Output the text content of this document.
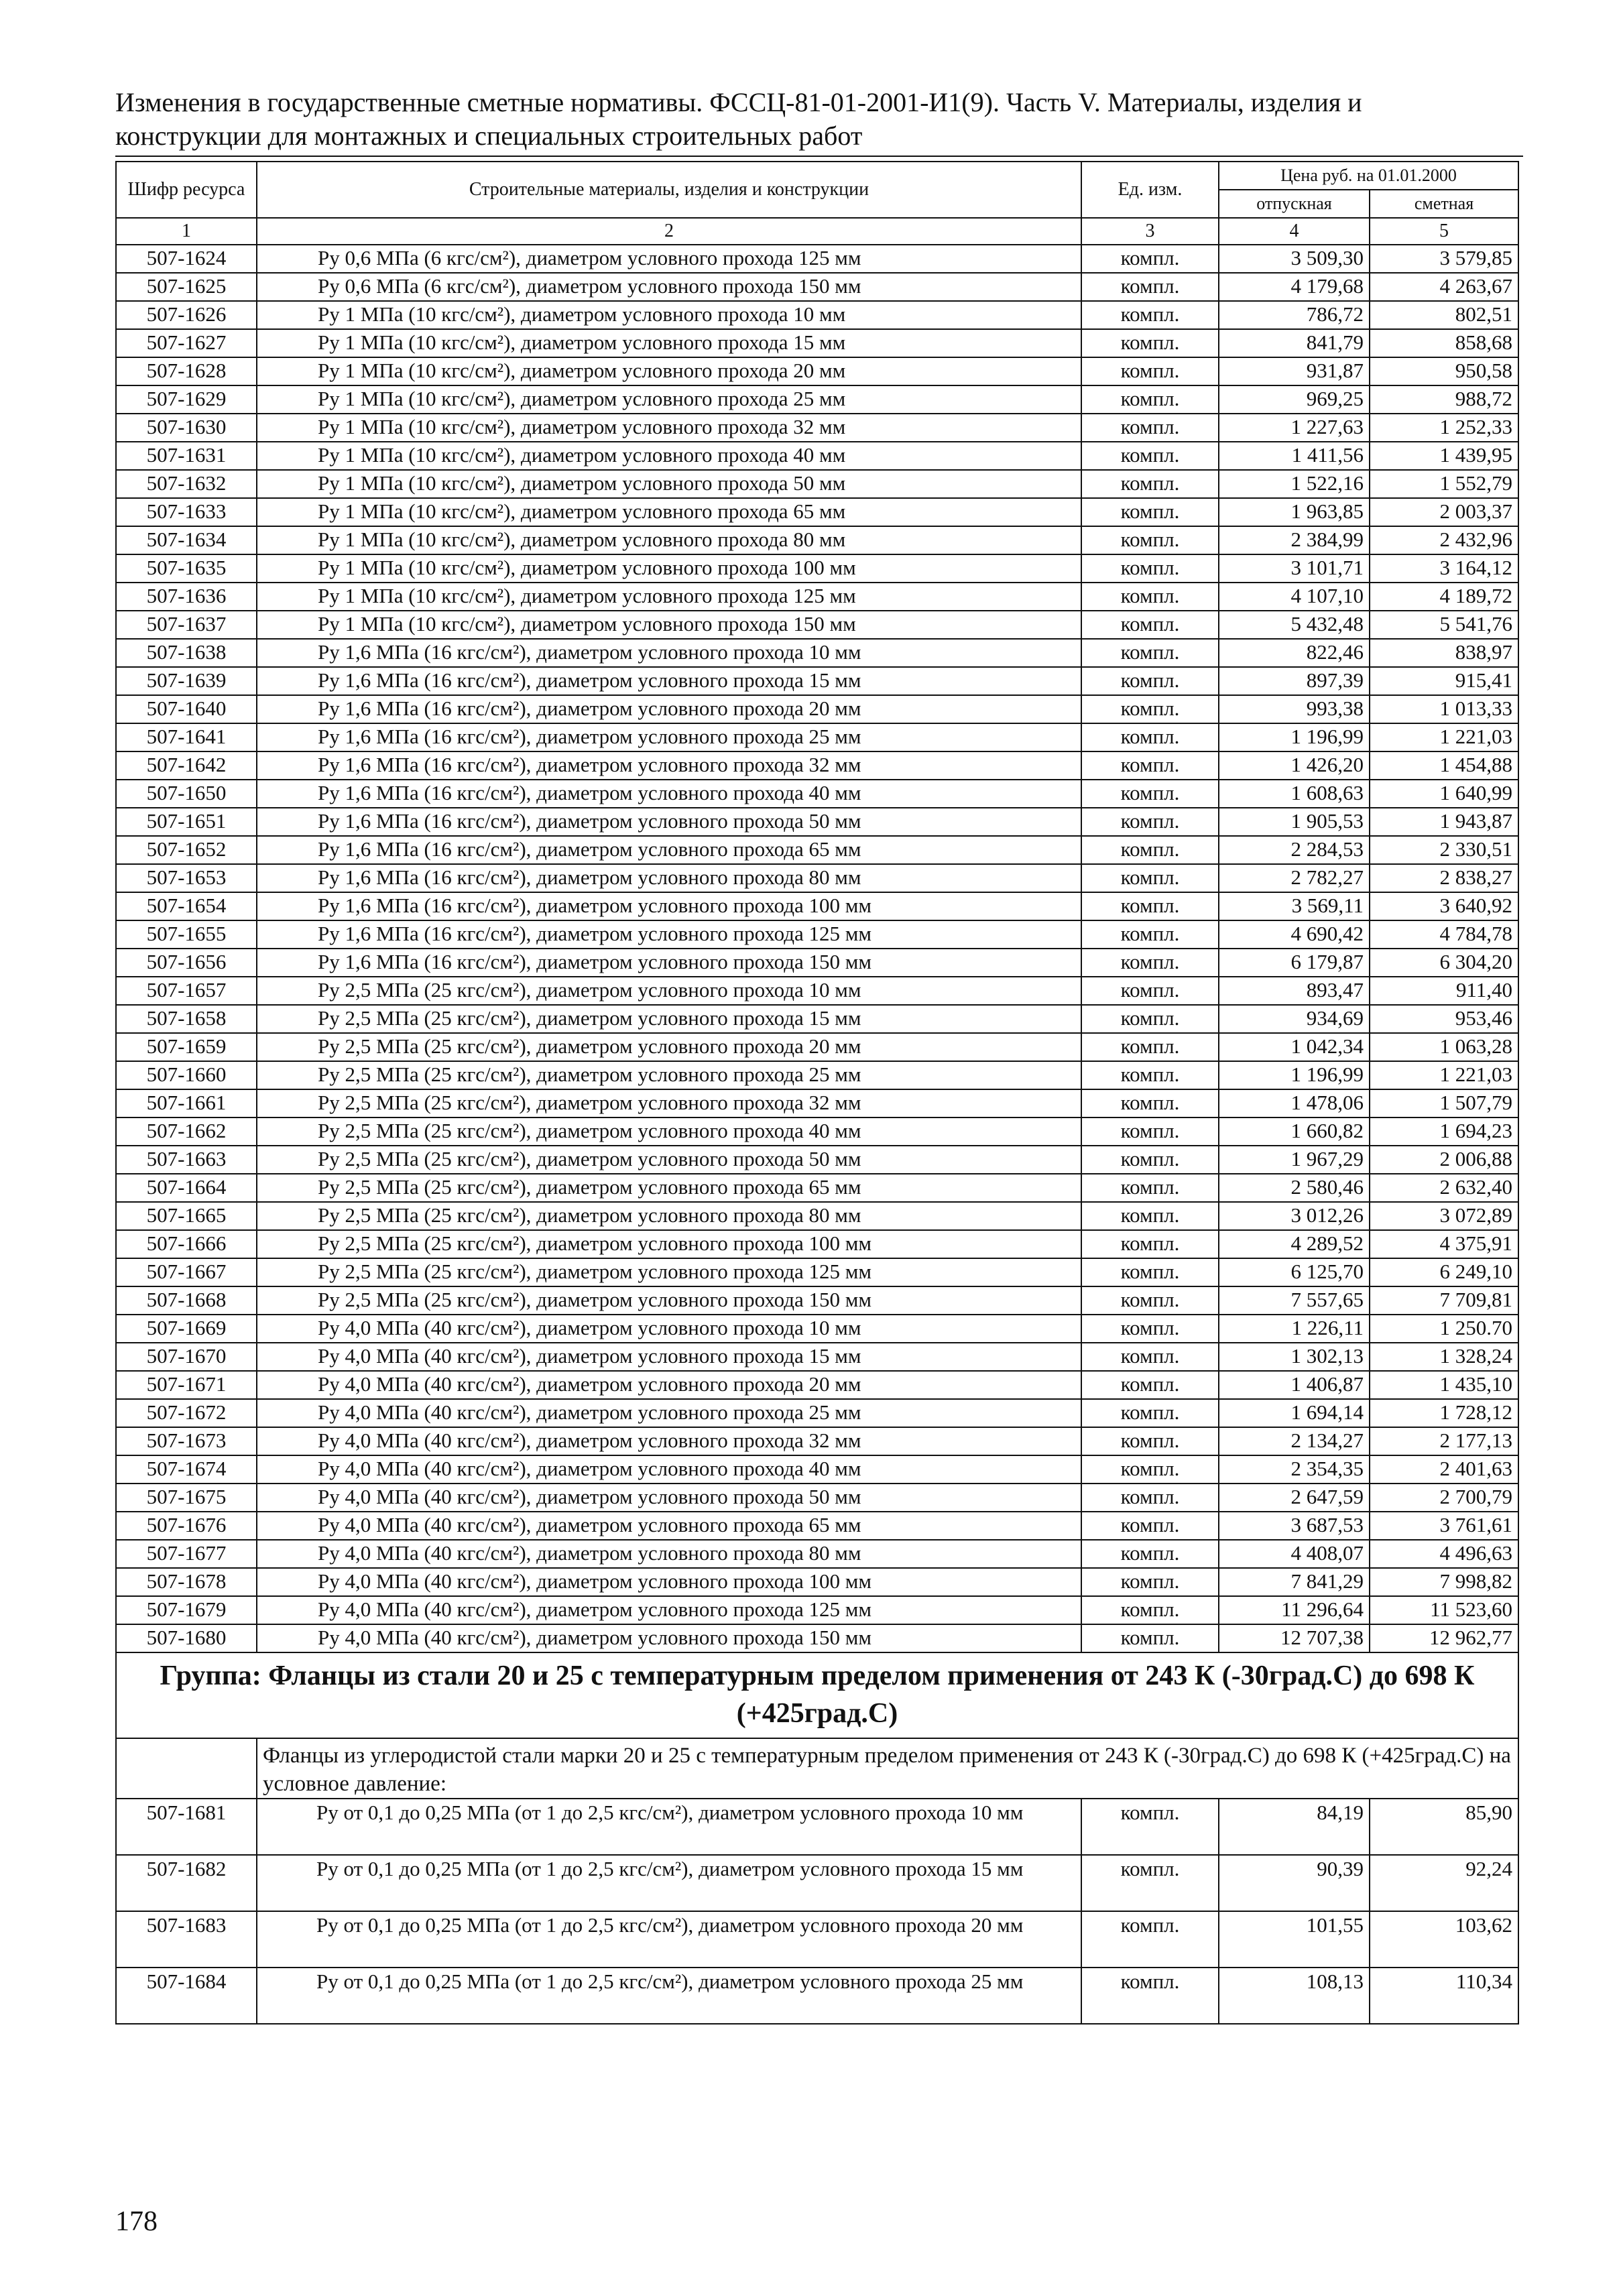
Изменения в государственные сметные нормативы. ФССЦ-81-01-2001-И1(9). Часть V. Материалы, изделия и
конструкции для монтажных и специальных строительных работ
Шифр ресурса	Строительные материалы, изделия и конструкции	Ед. изм.	Цена руб. на 01.01.2000	
			отпускная	сметная
1	2	3	4	5
507-1624	Ру 0,6 МПа (6 кгс/см²), диаметром условного прохода 125 мм	компл.	3 509,30	3 579,85
507-1625	Ру 0,6 МПа (6 кгс/см²), диаметром условного прохода 150 мм	компл.	4 179,68	4 263,67
507-1626	Ру 1 МПа (10 кгс/см²), диаметром условного прохода 10 мм	компл.	786,72	802,51
507-1627	Ру 1 МПа (10 кгс/см²), диаметром условного прохода 15 мм	компл.	841,79	858,68
507-1628	Ру 1 МПа (10 кгс/см²), диаметром условного прохода 20 мм	компл.	931,87	950,58
507-1629	Ру 1 МПа (10 кгс/см²), диаметром условного прохода 25 мм	компл.	969,25	988,72
507-1630	Ру 1 МПа (10 кгс/см²), диаметром условного прохода 32 мм	компл.	1 227,63	1 252,33
507-1631	Ру 1 МПа (10 кгс/см²), диаметром условного прохода 40 мм	компл.	1 411,56	1 439,95
507-1632	Ру 1 МПа (10 кгс/см²), диаметром условного прохода 50 мм	компл.	1 522,16	1 552,79
507-1633	Ру 1 МПа (10 кгс/см²), диаметром условного прохода 65 мм	компл.	1 963,85	2 003,37
507-1634	Ру 1 МПа (10 кгс/см²), диаметром условного прохода 80 мм	компл.	2 384,99	2 432,96
507-1635	Ру 1 МПа (10 кгс/см²), диаметром условного прохода 100 мм	компл.	3 101,71	3 164,12
507-1636	Ру 1 МПа (10 кгс/см²), диаметром условного прохода 125 мм	компл.	4 107,10	4 189,72
507-1637	Ру 1 МПа (10 кгс/см²), диаметром условного прохода 150 мм	компл.	5 432,48	5 541,76
507-1638	Ру 1,6 МПа (16 кгс/см²), диаметром условного прохода 10 мм	компл.	822,46	838,97
507-1639	Ру 1,6 МПа (16 кгс/см²), диаметром условного прохода 15 мм	компл.	897,39	915,41
507-1640	Ру 1,6 МПа (16 кгс/см²), диаметром условного прохода 20 мм	компл.	993,38	1 013,33
507-1641	Ру 1,6 МПа (16 кгс/см²), диаметром условного прохода 25 мм	компл.	1 196,99	1 221,03
507-1642	Ру 1,6 МПа (16 кгс/см²), диаметром условного прохода 32 мм	компл.	1 426,20	1 454,88
507-1650	Ру 1,6 МПа (16 кгс/см²), диаметром условного прохода 40 мм	компл.	1 608,63	1 640,99
507-1651	Ру 1,6 МПа (16 кгс/см²), диаметром условного прохода 50 мм	компл.	1 905,53	1 943,87
507-1652	Ру 1,6 МПа (16 кгс/см²), диаметром условного прохода 65 мм	компл.	2 284,53	2 330,51
507-1653	Ру 1,6 МПа (16 кгс/см²), диаметром условного прохода 80 мм	компл.	2 782,27	2 838,27
507-1654	Ру 1,6 МПа (16 кгс/см²), диаметром условного прохода 100 мм	компл.	3 569,11	3 640,92
507-1655	Ру 1,6 МПа (16 кгс/см²), диаметром условного прохода 125 мм	компл.	4 690,42	4 784,78
507-1656	Ру 1,6 МПа (16 кгс/см²), диаметром условного прохода 150 мм	компл.	6 179,87	6 304,20
507-1657	Ру 2,5 МПа (25 кгс/см²), диаметром условного прохода 10 мм	компл.	893,47	911,40
507-1658	Ру 2,5 МПа (25 кгс/см²), диаметром условного прохода 15 мм	компл.	934,69	953,46
507-1659	Ру 2,5 МПа (25 кгс/см²), диаметром условного прохода 20 мм	компл.	1 042,34	1 063,28
507-1660	Ру 2,5 МПа (25 кгс/см²), диаметром условного прохода 25 мм	компл.	1 196,99	1 221,03
507-1661	Ру 2,5 МПа (25 кгс/см²), диаметром условного прохода 32 мм	компл.	1 478,06	1 507,79
507-1662	Ру 2,5 МПа (25 кгс/см²), диаметром условного прохода 40 мм	компл.	1 660,82	1 694,23
507-1663	Ру 2,5 МПа (25 кгс/см²), диаметром условного прохода 50 мм	компл.	1 967,29	2 006,88
507-1664	Ру 2,5 МПа (25 кгс/см²), диаметром условного прохода 65 мм	компл.	2 580,46	2 632,40
507-1665	Ру 2,5 МПа (25 кгс/см²), диаметром условного прохода 80 мм	компл.	3 012,26	3 072,89
507-1666	Ру 2,5 МПа (25 кгс/см²), диаметром условного прохода 100 мм	компл.	4 289,52	4 375,91
507-1667	Ру 2,5 МПа (25 кгс/см²), диаметром условного прохода 125 мм	компл.	6 125,70	6 249,10
507-1668	Ру 2,5 МПа (25 кгс/см²), диаметром условного прохода 150 мм	компл.	7 557,65	7 709,81
507-1669	Ру 4,0 МПа (40 кгс/см²), диаметром условного прохода 10 мм	компл.	1 226,11	1 250.70
507-1670	Ру 4,0 МПа (40 кгс/см²), диаметром условного прохода 15 мм	компл.	1 302,13	1 328,24
507-1671	Ру 4,0 МПа (40 кгс/см²), диаметром условного прохода 20 мм	компл.	1 406,87	1 435,10
507-1672	Ру 4,0 МПа (40 кгс/см²), диаметром условного прохода 25 мм	компл.	1 694,14	1 728,12
507-1673	Ру 4,0 МПа (40 кгс/см²), диаметром условного прохода 32 мм	компл.	2 134,27	2 177,13
507-1674	Ру 4,0 МПа (40 кгс/см²), диаметром условного прохода 40 мм	компл.	2 354,35	2 401,63
507-1675	Ру 4,0 МПа (40 кгс/см²), диаметром условного прохода 50 мм	компл.	2 647,59	2 700,79
507-1676	Ру 4,0 МПа (40 кгс/см²), диаметром условного прохода 65 мм	компл.	3 687,53	3 761,61
507-1677	Ру 4,0 МПа (40 кгс/см²), диаметром условного прохода 80 мм	компл.	4 408,07	4 496,63
507-1678	Ру 4,0 МПа (40 кгс/см²), диаметром условного прохода 100 мм	компл.	7 841,29	7 998,82
507-1679	Ру 4,0 МПа (40 кгс/см²), диаметром условного прохода 125 мм	компл.	11 296,64	11 523,60
507-1680	Ру 4,0 МПа (40 кгс/см²), диаметром условного прохода 150 мм	компл.	12 707,38	12 962,77
Группа: Фланцы из стали 20 и 25 с температурным пределом применения от 243 К (-30град.С) до 698 К (+425град.С)				
	Фланцы из углеродистой стали марки 20 и 25 с температурным пределом применения от 243 К (-30град.С) до 698 К (+425град.С) на условное давление:			
507-1681	Ру от 0,1 до 0,25 МПа (от 1 до 2,5 кгс/см²), диаметром условного прохода 10 мм	компл.	84,19	85,90
507-1682	Ру от 0,1 до 0,25 МПа (от 1 до 2,5 кгс/см²), диаметром условного прохода 15 мм	компл.	90,39	92,24
507-1683	Ру от 0,1 до 0,25 МПа (от 1 до 2,5 кгс/см²), диаметром условного прохода 20 мм	компл.	101,55	103,62
507-1684	Ру от 0,1 до 0,25 МПа (от 1 до 2,5 кгс/см²), диаметром условного прохода 25 мм	компл.	108,13	110,34
178
